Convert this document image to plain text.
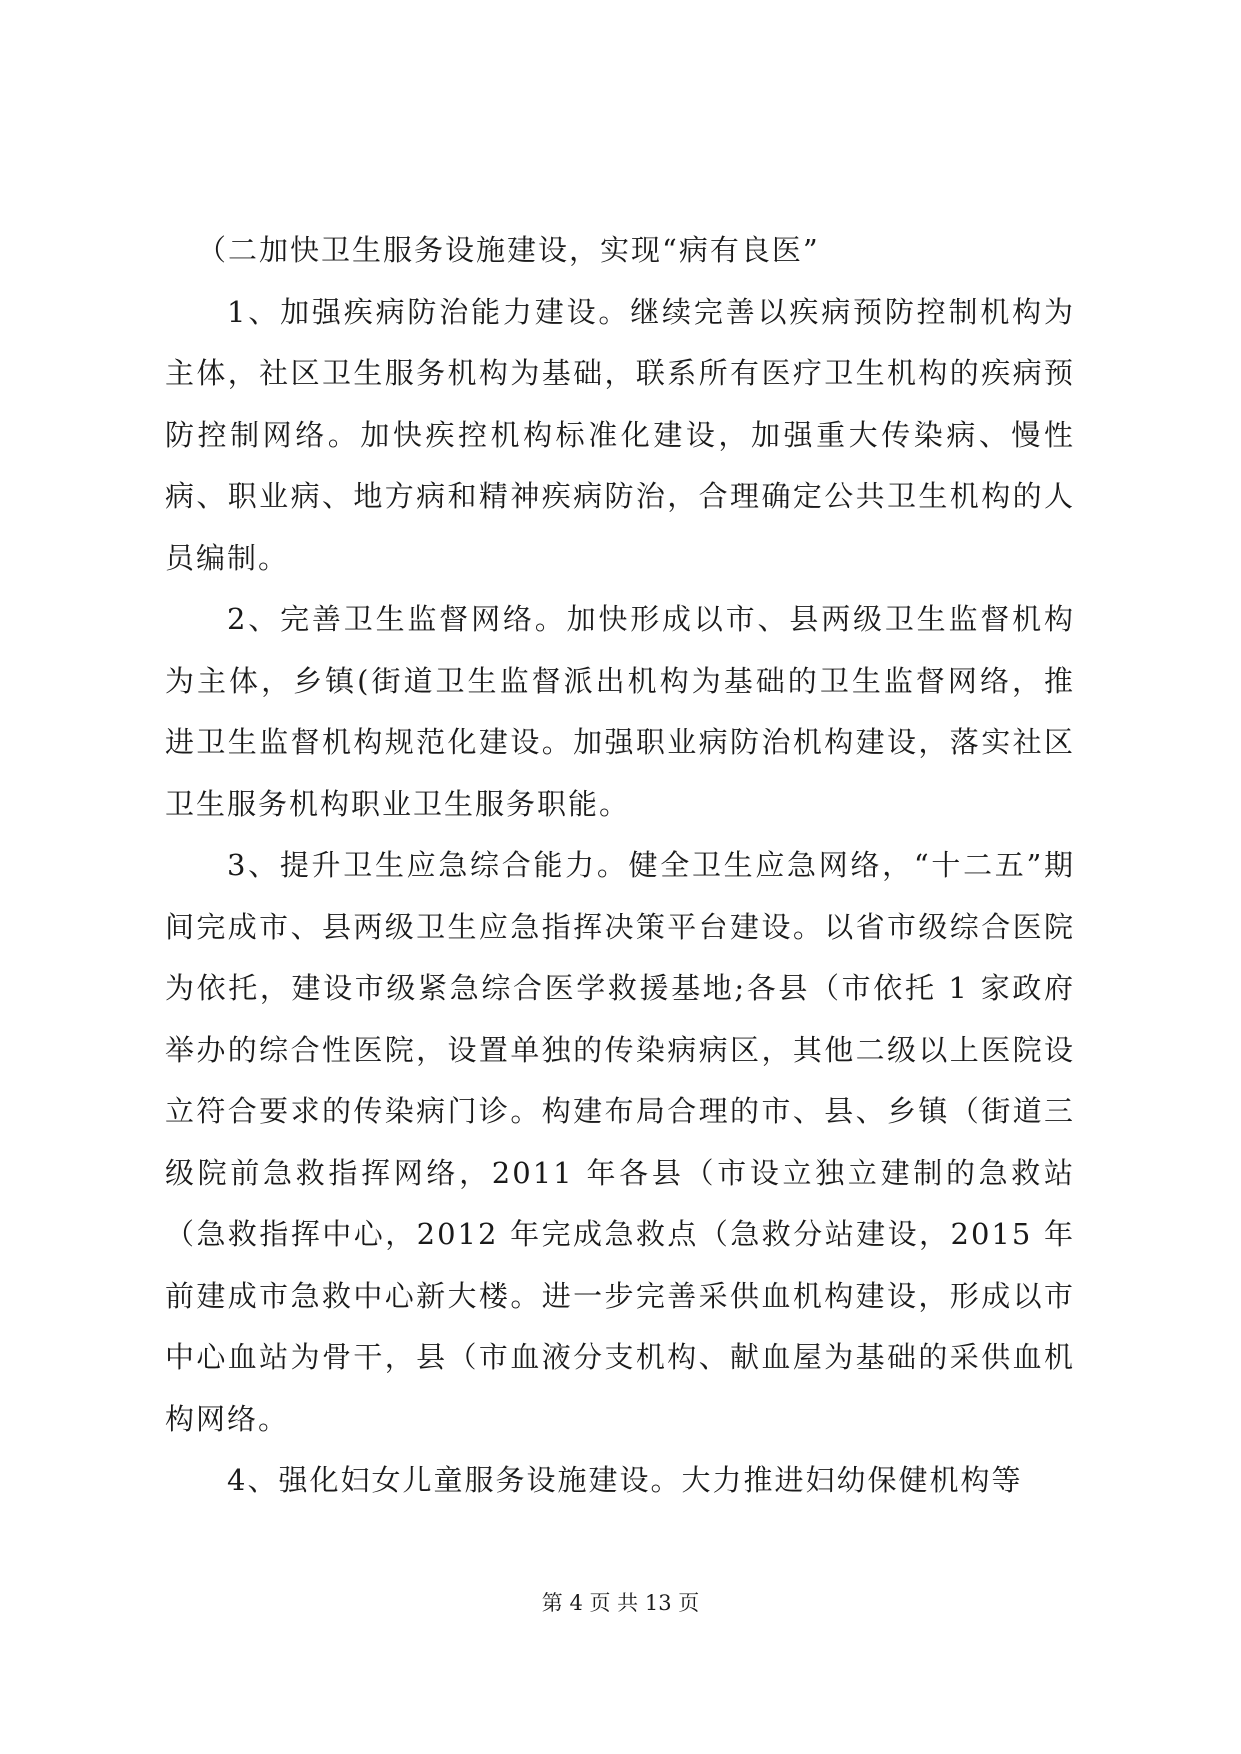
（二加快卫生服务设施建设，实现“病有良医”

1、加强疾病防治能力建设。继续完善以疾病预防控制机构为主体，社区卫生服务机构为基础，联系所有医疗卫生机构的疾病预防控制网络。加快疾控机构标准化建设，加强重大传染病、慢性病、职业病、地方病和精神疾病防治，合理确定公共卫生机构的人员编制。

2、完善卫生监督网络。加快形成以市、县两级卫生监督机构为主体，乡镇(街道卫生监督派出机构为基础的卫生监督网络，推进卫生监督机构规范化建设。加强职业病防治机构建设，落实社区卫生服务机构职业卫生服务职能。

3、提升卫生应急综合能力。健全卫生应急网络，“十二五”期间完成市、县两级卫生应急指挥决策平台建设。以省市级综合医院为依托，建设市级紧急综合医学救援基地;各县（市依托 1 家政府举办的综合性医院，设置单独的传染病病区，其他二级以上医院设立符合要求的传染病门诊。构建布局合理的市、县、乡镇（街道三级院前急救指挥网络，2011 年各县（市设立独立建制的急救站（急救指挥中心，2012 年完成急救点（急救分站建设，2015 年前建成市急救中心新大楼。进一步完善采供血机构建设，形成以市中心血站为骨干，县（市血液分支机构、献血屋为基础的采供血机构网络。

4、强化妇女儿童服务设施建设。大力推进妇幼保健机构等

第 4 页 共 13 页
